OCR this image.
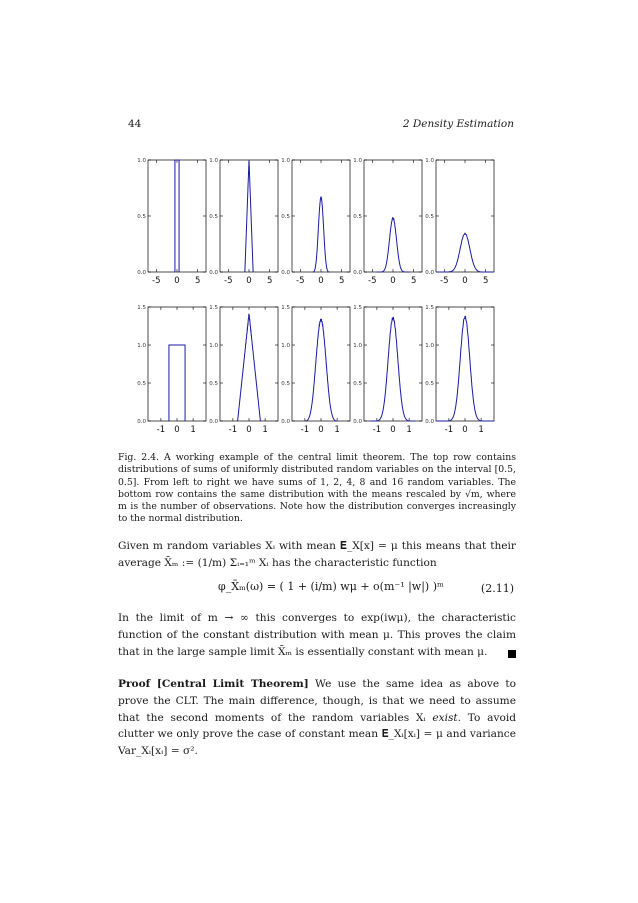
44	2 Density Estimation
0.0
0.5
1.0
-5 0 5
0.0
0.5
1.0
-5 0 5
0.0
0.5
1.0
-5 0 5
0.0
0.5
1.0
-5 0 5
0.0
0.5
1.0
-5 0 5
0.0
0.5
1.0
1.5
-1 0 1
0.0
0.5
1.0
1.5
-1 0 1
0.0
0.5
1.0
1.5
-1 0 1
0.0
0.5
1.0
1.5
-1 0 1
0.0
0.5
1.0
1.5
-1 0 1

Fig. 2.4. A working example of the central limit theorem. The top row contains distributions of sums of uniformly distributed random variables on the interval [0.5, 0.5]. From left to right we have sums of 1, 2, 4, 8 and 16 random variables. The bottom row contains the same distribution with the means rescaled by √m, where m is the number of observations. Note how the distribution converges increasingly to the normal distribution.

Given m random variables Xᵢ with mean 𝐄_X[x] = μ this means that their average X̄ₘ := (1/m) Σᵢ₌₁ᵐ Xᵢ has the characteristic function

φ_X̄ₘ(ω) = ( 1 + (i/m) wμ + o(m⁻¹ |w|) )ᵐ	(2.11)
In the limit of m → ∞ this converges to exp(iwμ), the characteristic function of the constant distribution with mean μ. This proves the claim that in the large sample limit X̄ₘ is essentially constant with mean μ.

Proof [Central Limit Theorem] We use the same idea as above to prove the CLT. The main difference, though, is that we need to assume that the second moments of the random variables Xᵢ exist. To avoid clutter we only prove the case of constant mean 𝐄_Xᵢ[xᵢ] = μ and variance Var_Xᵢ[xᵢ] = σ².
